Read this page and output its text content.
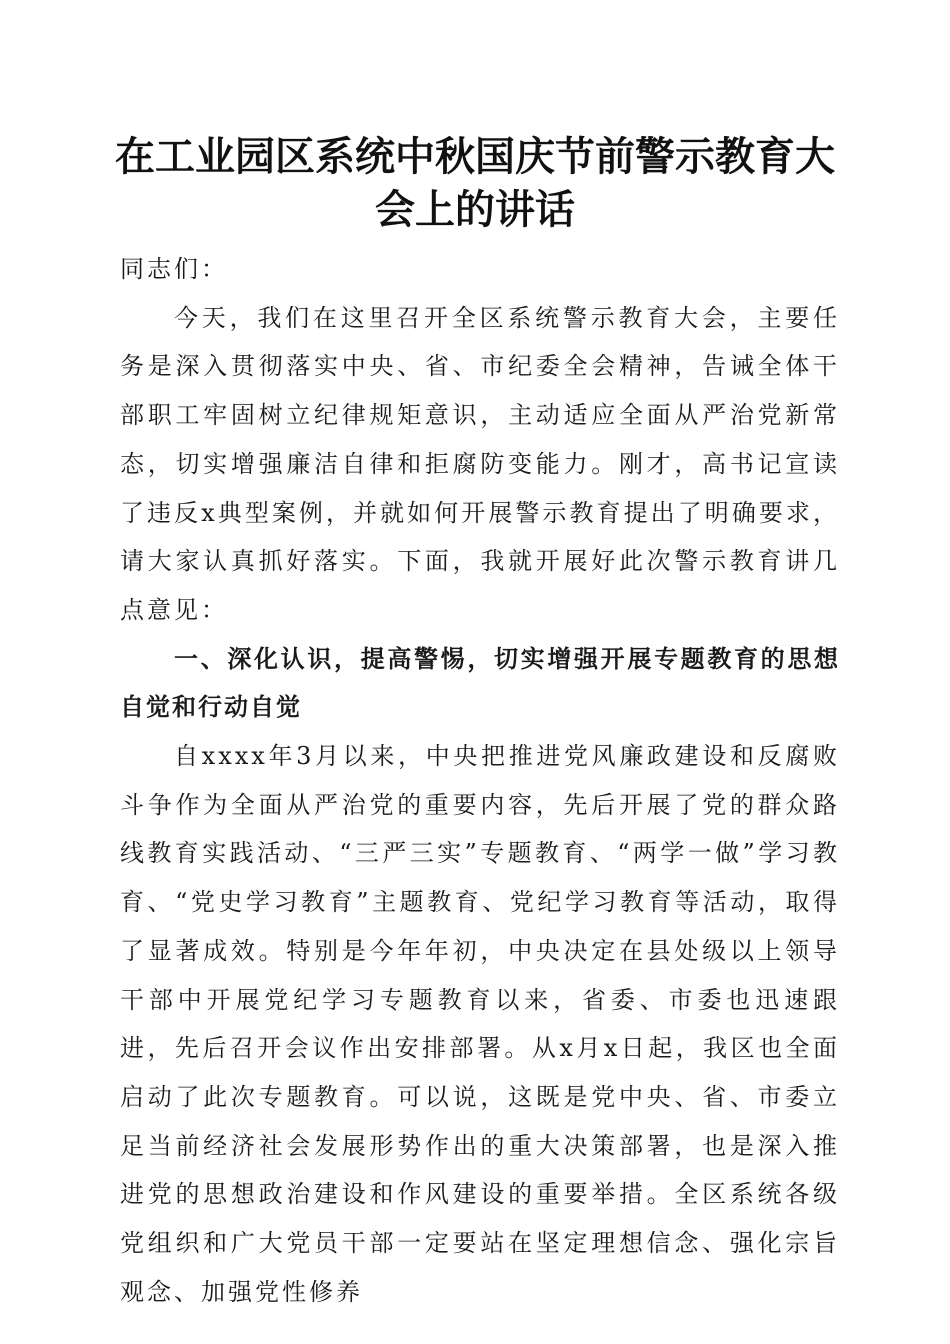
在工业园区系统中秋国庆节前警示教育大会上的讲话

同志们：

今天，我们在这里召开全区系统警示教育大会，主要任务是深入贯彻落实中央、省、市纪委全会精神，告诫全体干部职工牢固树立纪律规矩意识，主动适应全面从严治党新常态，切实增强廉洁自律和拒腐防变能力。刚才，高书记宣读了违反x典型案例，并就如何开展警示教育提出了明确要求，请大家认真抓好落实。下面，我就开展好此次警示教育讲几点意见：

一、深化认识，提高警惕，切实增强开展专题教育的思想自觉和行动自觉

自xxxx年3月以来，中央把推进党风廉政建设和反腐败斗争作为全面从严治党的重要内容，先后开展了党的群众路线教育实践活动、“三严三实”专题教育、“两学一做”学习教育、“党史学习教育”主题教育、党纪学习教育等活动，取得了显著成效。特别是今年年初，中央决定在县处级以上领导干部中开展党纪学习专题教育以来，省委、市委也迅速跟进，先后召开会议作出安排部署。从x月x日起，我区也全面启动了此次专题教育。可以说，这既是党中央、省、市委立足当前经济社会发展形势作出的重大决策部署，也是深入推进党的思想政治建设和作风建设的重要举措。全区系统各级党组织和广大党员干部一定要站在坚定理想信念、强化宗旨观念、加强党性修养
